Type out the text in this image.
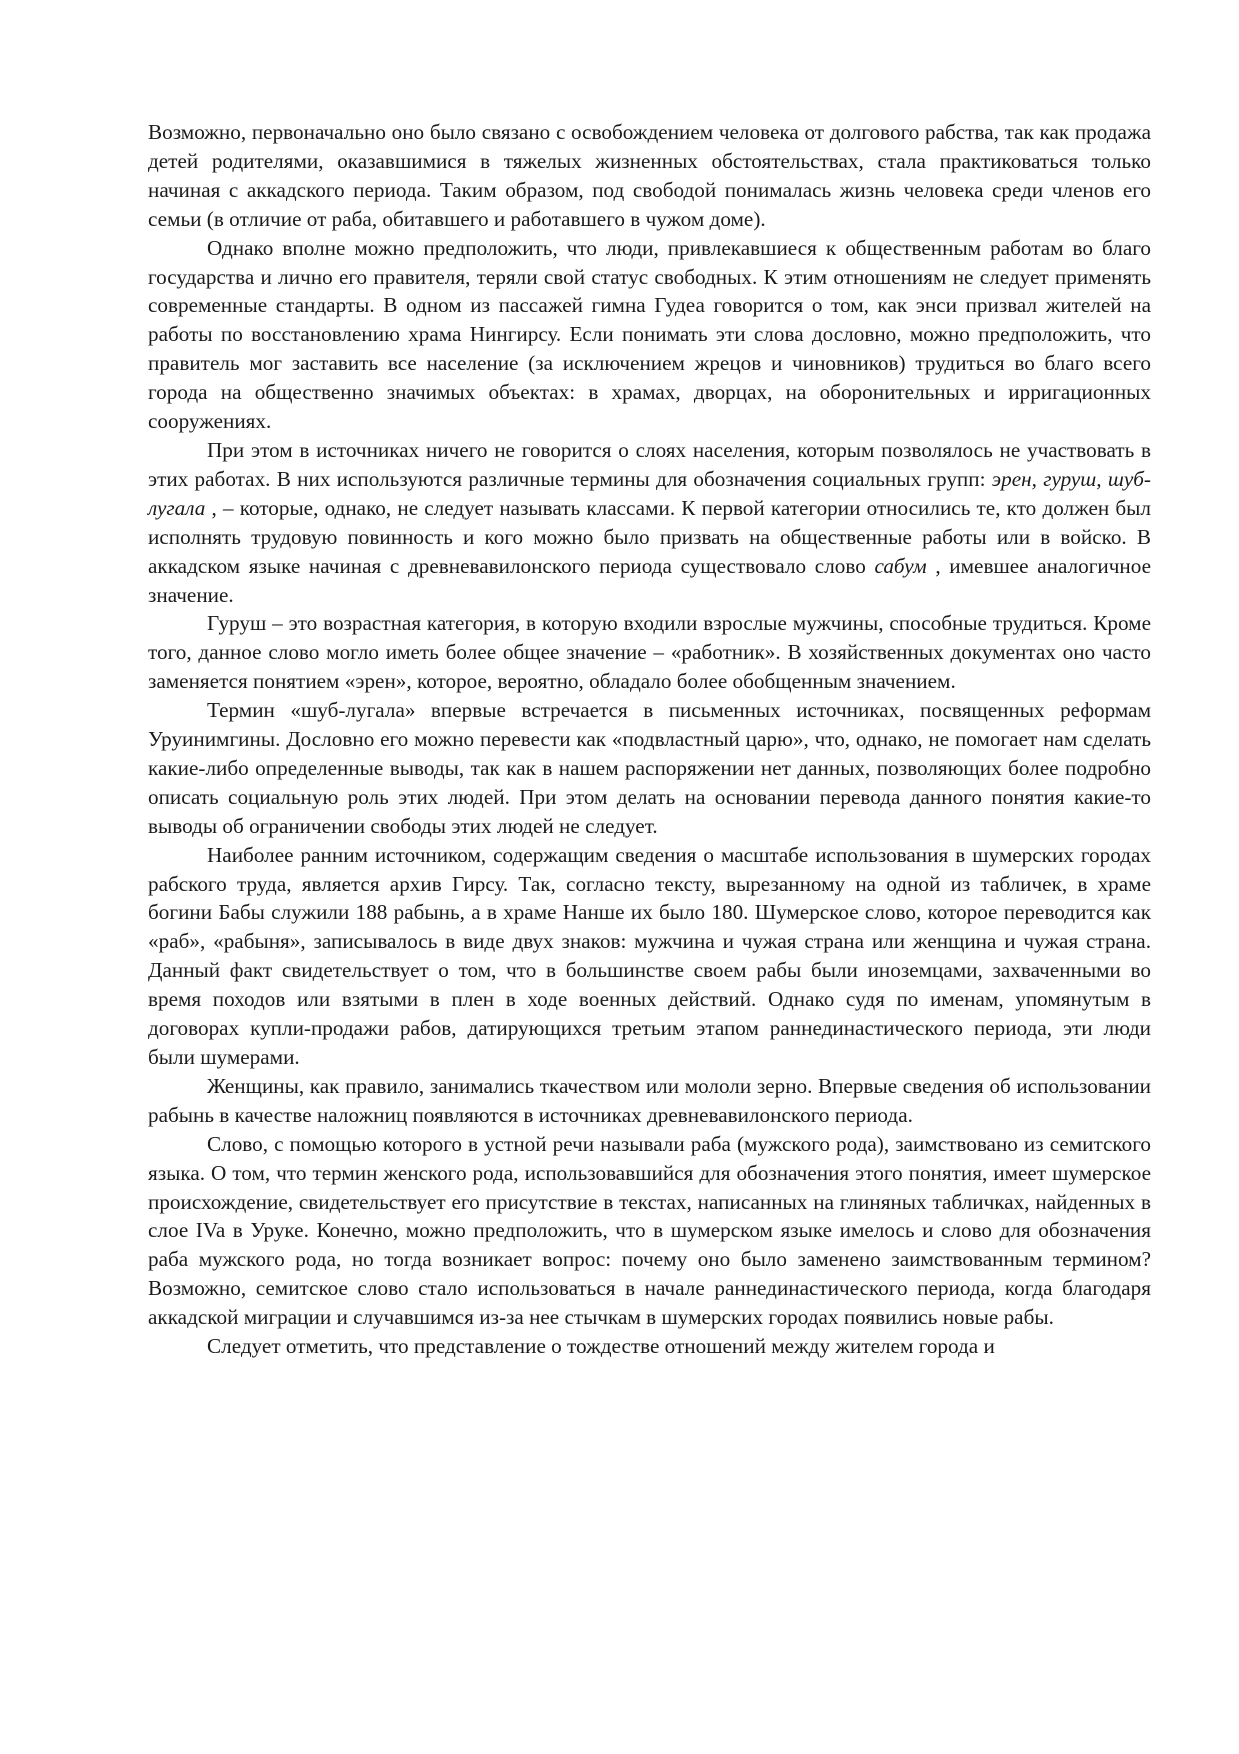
Возможно, первоначально оно было связано с освобождением человека от долгового рабства, так как продажа детей родителями, оказавшимися в тяжелых жизненных обстоятельствах, стала практиковаться только начиная с аккадского периода. Таким образом, под свободой понималась жизнь человека среди членов его семьи (в отличие от раба, обитавшего и работавшего в чужом доме).

Однако вполне можно предположить, что люди, привлекавшиеся к общественным работам во благо государства и лично его правителя, теряли свой статус свободных. К этим отношениям не следует применять современные стандарты. В одном из пассажей гимна Гудеа говорится о том, как энси призвал жителей на работы по восстановлению храма Нингирсу. Если понимать эти слова дословно, можно предположить, что правитель мог заставить все население (за исключением жрецов и чиновников) трудиться во благо всего города на общественно значимых объектах: в храмах, дворцах, на оборонительных и ирригационных сооружениях.

При этом в источниках ничего не говорится о слоях населения, которым позволялось не участвовать в этих работах. В них используются различные термины для обозначения социальных групп: эрен, гуруш, шуб-лугала , – которые, однако, не следует называть классами. К первой категории относились те, кто должен был исполнять трудовую повинность и кого можно было призвать на общественные работы или в войско. В аккадском языке начиная с древневавилонского периода существовало слово сабум , имевшее аналогичное значение.

Гуруш – это возрастная категория, в которую входили взрослые мужчины, способные трудиться. Кроме того, данное слово могло иметь более общее значение – «работник». В хозяйственных документах оно часто заменяется понятием «эрен», которое, вероятно, обладало более обобщенным значением.

Термин «шуб-лугала» впервые встречается в письменных источниках, посвященных реформам Уруинимгины. Дословно его можно перевести как «подвластный царю», что, однако, не помогает нам сделать какие-либо определенные выводы, так как в нашем распоряжении нет данных, позволяющих более подробно описать социальную роль этих людей. При этом делать на основании перевода данного понятия какие-то выводы об ограничении свободы этих людей не следует.

Наиболее ранним источником, содержащим сведения о масштабе использования в шумерских городах рабского труда, является архив Гирсу. Так, согласно тексту, вырезанному на одной из табличек, в храме богини Бабы служили 188 рабынь, а в храме Нанше их было 180. Шумерское слово, которое переводится как «раб», «рабыня», записывалось в виде двух знаков: мужчина и чужая страна или женщина и чужая страна. Данный факт свидетельствует о том, что в большинстве своем рабы были иноземцами, захваченными во время походов или взятыми в плен в ходе военных действий. Однако судя по именам, упомянутым в договорах купли-продажи рабов, датирующихся третьим этапом раннединастического периода, эти люди были шумерами.

Женщины, как правило, занимались ткачеством или мололи зерно. Впервые сведения об использовании рабынь в качестве наложниц появляются в источниках древневавилонского периода.

Слово, с помощью которого в устной речи называли раба (мужского рода), заимствовано из семитского языка. О том, что термин женского рода, использовавшийся для обозначения этого понятия, имеет шумерское происхождение, свидетельствует его присутствие в текстах, написанных на глиняных табличках, найденных в слое IVa в Уруке. Конечно, можно предположить, что в шумерском языке имелось и слово для обозначения раба мужского рода, но тогда возникает вопрос: почему оно было заменено заимствованным термином? Возможно, семитское слово стало использоваться в начале раннединастического периода, когда благодаря аккадской миграции и случавшимся из-за нее стычкам в шумерских городах появились новые рабы.

Следует отметить, что представление о тождестве отношений между жителем города и
